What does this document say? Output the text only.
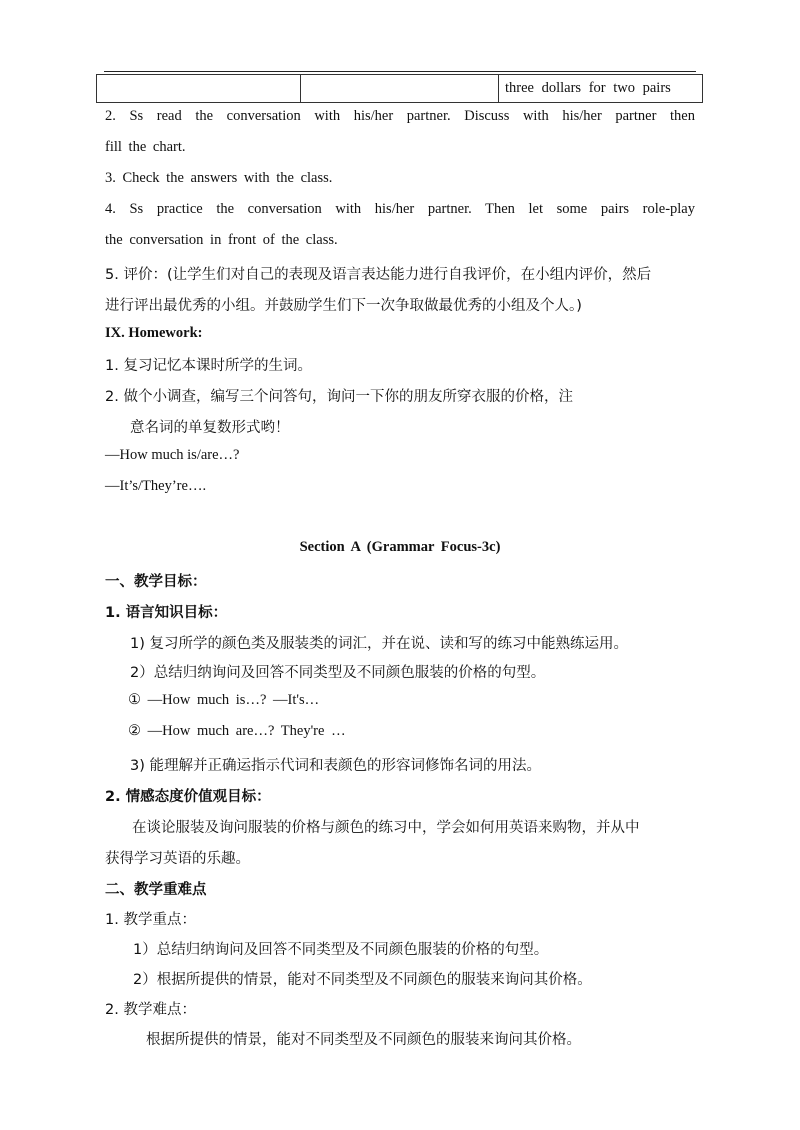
		three dollars for two pairs
2. Ss read the conversation with his/her partner. Discuss with his/her partner then
fill the chart.
3. Check the answers with the class.
4. Ss practice the conversation with his/her partner. Then let some pairs role-play
the conversation in front of the class.
5. 评价：(让学生们对自己的表现及语言表达能力进行自我评价，在小组内评价，然后
进行评出最优秀的小组。并鼓励学生们下一次争取做最优秀的小组及个人。)
IX. Homework:
1. 复习记忆本课时所学的生词。
2. 做个小调查，编写三个问答句，询问一下你的朋友所穿衣服的价格，注
意名词的单复数形式哟！
—How much is/are…?
—It’s/They’re….
Section A (Grammar Focus-3c)
一、教学目标：
1. 语言知识目标：
1) 复习所学的颜色类及服装类的词汇，并在说、读和写的练习中能熟练运用。
2）总结归纳询问及回答不同类型及不同颜色服装的价格的句型。
① —How much is…? —It's…
② —How much are…? They're …
3) 能理解并正确运指示代词和表颜色的形容词修饰名词的用法。
2. 情感态度价值观目标：
在谈论服装及询问服装的价格与颜色的练习中，学会如何用英语来购物，并从中
获得学习英语的乐趣。
二、教学重难点
1. 教学重点：
1）总结归纳询问及回答不同类型及不同颜色服装的价格的句型。
2）根据所提供的情景，能对不同类型及不同颜色的服装来询问其价格。
2. 教学难点：
根据所提供的情景，能对不同类型及不同颜色的服装来询问其价格。
